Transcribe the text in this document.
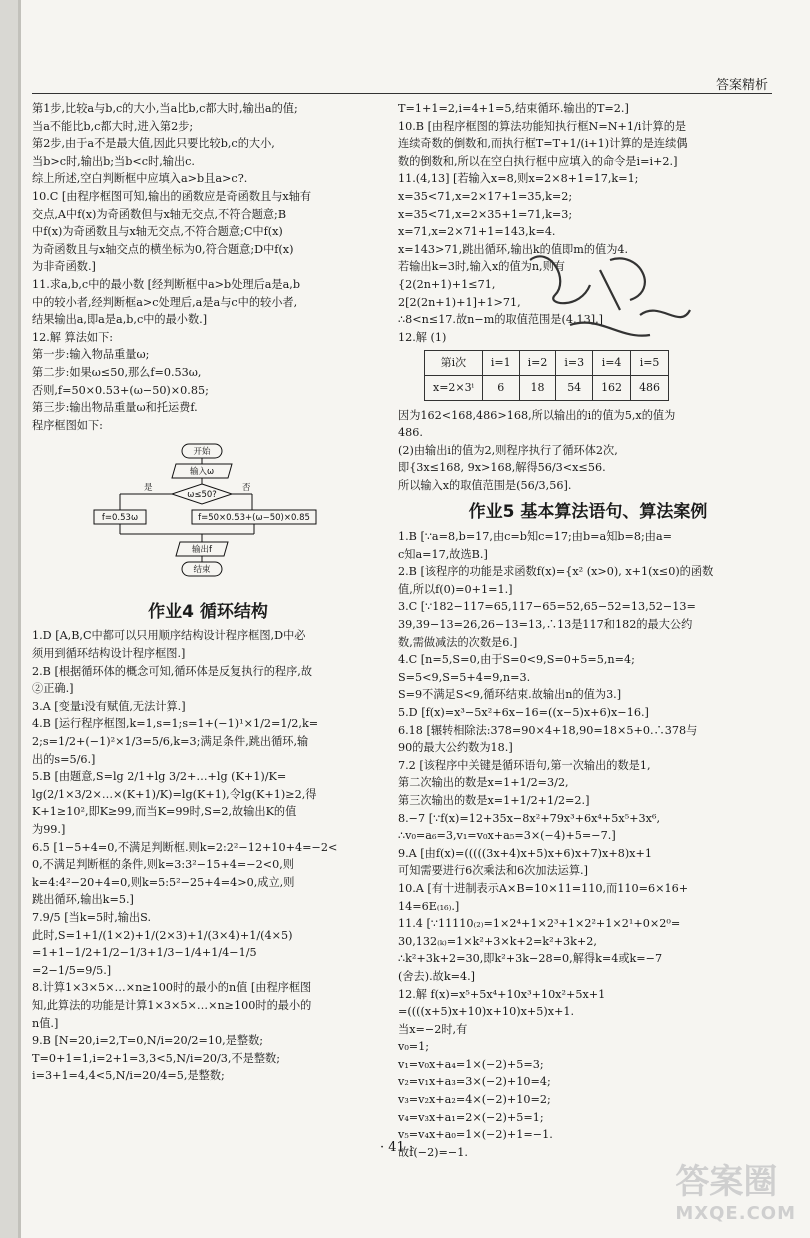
答案精析

第1步,比较a与b,c的大小,当a比b,c都大时,输出a的值;

当a不能比b,c都大时,进入第2步;

第2步,由于a不是最大值,因此只要比较b,c的大小,

当b>c时,输出b;当b<c时,输出c.

综上所述,空白判断框中应填入a>b且a>c?.

10.C [由程序框图可知,输出的函数应是奇函数且与x轴有

交点,A中f(x)为奇函数但与x轴无交点,不符合题意;B

中f(x)为奇函数且与x轴无交点,不符合题意;C中f(x)

为奇函数且与x轴交点的横坐标为0,符合题意;D中f(x)

为非奇函数.]

11.求a,b,c中的最小数 [经判断框中a>b处理后a是a,b

中的较小者,经判断框a>c处理后,a是a与c中的较小者,

结果输出a,即a是a,b,c中的最小数.]

12.解 算法如下:

第一步:输入物品重量ω;

第二步:如果ω≤50,那么f=0.53ω,

否则,f=50×0.53+(ω−50)×0.85;

第三步:输出物品重量ω和托运费f.

程序框图如下:

开始
输入ω
ω≤50?
是	否
f=0.53ω	f=50×0.53+(ω−50)×0.85
输出f
结束
作业4 循环结构

1.D [A,B,C中都可以只用顺序结构设计程序框图,D中必

须用到循环结构设计程序框图.]

2.B [根据循环体的概念可知,循环体是反复执行的程序,故

②正确.]

3.A [变量i没有赋值,无法计算.]

4.B [运行程序框图,k=1,s=1;s=1+(−1)¹×1/2=1/2,k=

2;s=1/2+(−1)²×1/3=5/6,k=3;满足条件,跳出循环,输

出的s=5/6.]

5.B [由题意,S=lg 2/1+lg 3/2+…+lg (K+1)/K=

lg(2/1×3/2×…×(K+1)/K)=lg(K+1),令lg(K+1)≥2,得

K+1≥10²,即K≥99,而当K=99时,S=2,故输出K的值

为99.]

6.5 [1−5+4=0,不满足判断框.则k=2:2²−12+10+4=−2<

0,不满足判断框的条件,则k=3:3²−15+4=−2<0,则

k=4:4²−20+4=0,则k=5:5²−25+4=4>0,成立,则

跳出循环,输出k=5.]

7.9/5 [当k=5时,输出S.

此时,S=1+1/(1×2)+1/(2×3)+1/(3×4)+1/(4×5)

=1+1−1/2+1/2−1/3+1/3−1/4+1/4−1/5

=2−1/5=9/5.]

8.计算1×3×5×…×n≥100时的最小的n值 [由程序框图

知,此算法的功能是计算1×3×5×…×n≥100时的最小的

n值.]

9.B [N=20,i=2,T=0,N/i=20/2=10,是整数;

T=0+1=1,i=2+1=3,3<5,N/i=20/3,不是整数;

i=3+1=4,4<5,N/i=20/4=5,是整数;

T=1+1=2,i=4+1=5,结束循环.输出的T=2.]

10.B [由程序框图的算法功能知执行框N=N+1/i计算的是

连续奇数的倒数和,而执行框T=T+1/(i+1)计算的是连续偶

数的倒数和,所以在空白执行框中应填入的命令是i=i+2.]

11.(4,13] [若输入x=8,则x=2×8+1=17,k=1;

x=35<71,x=2×17+1=35,k=2;

x=35<71,x=2×35+1=71,k=3;

x=71,x=2×71+1=143,k=4.

x=143>71,跳出循环,输出k的值即m的值为4.

若输出k=3时,输入x的值为n,则有

{2(2n+1)+1≤71,

2[2(2n+1)+1]+1>71,

∴8<n≤17.故n−m的取值范围是(4,13].]

12.解 (1)

第i次	i=1	i=2	i=3	i=4	i=5
x=2×3ⁱ	6	18	54	162	486

因为162<168,486>168,所以输出的i的值为5,x的值为

486.

(2)由输出i的值为2,则程序执行了循环体2次,

即{3x≤168, 9x>168,解得56/3<x≤56.

所以输入x的取值范围是(56/3,56].

作业5 基本算法语句、算法案例

1.B [∵a=8,b=17,由c=b知c=17;由b=a知b=8;由a=

c知a=17,故选B.]

2.B [该程序的功能是求函数f(x)={x² (x>0), x+1(x≤0)的函数

值,所以f(0)=0+1=1.]

3.C [∵182−117=65,117−65=52,65−52=13,52−13=

39,39−13=26,26−13=13,∴13是117和182的最大公约

数,需做减法的次数是6.]

4.C [n=5,S=0,由于S=0<9,S=0+5=5,n=4;

S=5<9,S=5+4=9,n=3.

S=9不满足S<9,循环结束.故输出n的值为3.]

5.D [f(x)=x³−5x²+6x−16=((x−5)x+6)x−16.]

6.18 [辗转相除法:378=90×4+18,90=18×5+0.∴378与

90的最大公约数为18.]

7.2 [该程序中关键是循环语句,第一次输出的数是1,

第二次输出的数是x=1+1/2=3/2,

第三次输出的数是x=1+1/2+1/2=2.]

8.−7 [∵f(x)=12+35x−8x²+79x³+6x⁴+5x⁵+3x⁶,

∴v₀=a₆=3,v₁=v₀x+a₅=3×(−4)+5=−7.]

9.A [由f(x)=(((((3x+4)x+5)x+6)x+7)x+8)x+1

可知需要进行6次乘法和6次加法运算.]

10.A [有十进制表示A×B=10×11=110,而110=6×16+

14=6E₍₁₆₎.]

11.4 [∵11110₍₂₎=1×2⁴+1×2³+1×2²+1×2¹+0×2⁰=

30,132₍ₖ₎=1×k²+3×k+2=k²+3k+2,

∴k²+3k+2=30,即k²+3k−28=0,解得k=4或k=−7

(舍去).故k=4.]

12.解 f(x)=x⁵+5x⁴+10x³+10x²+5x+1

=((((x+5)x+10)x+10)x+5)x+1.

当x=−2时,有

v₀=1;

v₁=v₀x+a₄=1×(−2)+5=3;

v₂=v₁x+a₃=3×(−2)+10=4;

v₃=v₂x+a₂=4×(−2)+10=2;

v₄=v₃x+a₁=2×(−2)+5=1;

v₅=v₄x+a₀=1×(−2)+1=−1.

故f(−2)=−1.

· 41 ·
答案圈
MXQE.COM
